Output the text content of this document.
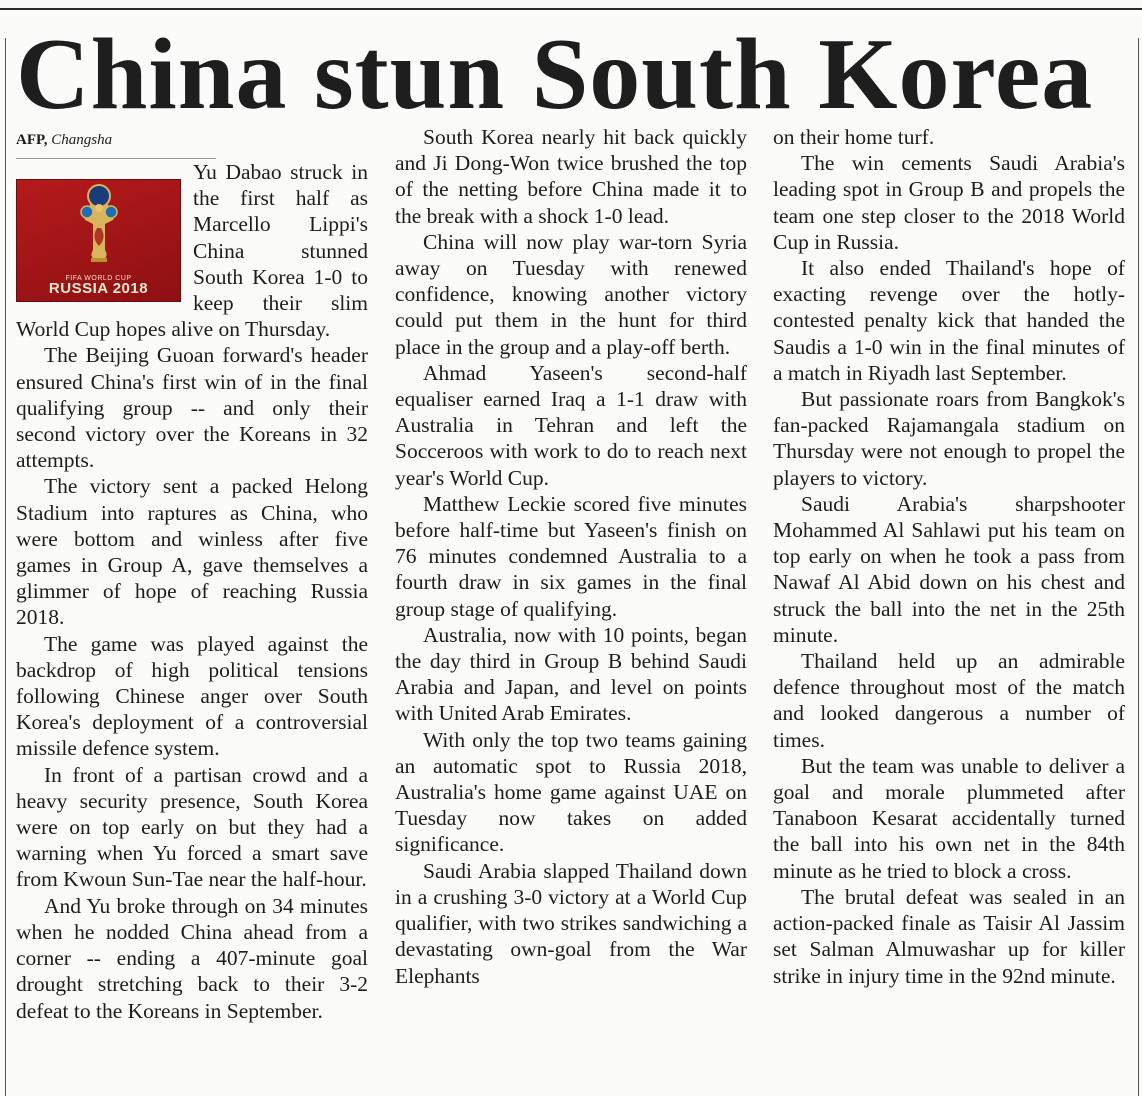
China stun South Korea
AFP, Changsha
FIFA WORLD CUP
RUSSIA 2018

Yu Dabao struck in the first half as Marcello Lippi's China stunned South Korea 1-0 to keep their slim World Cup hopes alive on Thursday.

The Beijing Guoan forward's header ensured China's first win of in the final qualifying group -- and only their second victory over the Koreans in 32 attempts.

The victory sent a packed Helong Stadium into raptures as China, who were bottom and winless after five games in Group A, gave themselves a glimmer of hope of reaching Russia 2018.

The game was played against the backdrop of high political tensions following Chinese anger over South Korea's deployment of a controversial missile defence system.

In front of a partisan crowd and a heavy security presence, South Korea were on top early on but they had a warning when Yu forced a smart save from Kwoun Sun-Tae near the half-hour.

And Yu broke through on 34 minutes when he nodded China ahead from a corner -- ending a 407-minute goal drought stretching back to their 3-2 defeat to the Koreans in September.

South Korea nearly hit back quickly and Ji Dong-Won twice brushed the top of the netting before China made it to the break with a shock 1-0 lead.

China will now play war-torn Syria away on Tuesday with renewed confidence, knowing another victory could put them in the hunt for third place in the group and a play-off berth.

Ahmad Yaseen's second-half equaliser earned Iraq a 1-1 draw with Australia in Tehran and left the Socceroos with work to do to reach next year's World Cup.

Matthew Leckie scored five minutes before half-time but Yaseen's finish on 76 minutes condemned Australia to a fourth draw in six games in the final group stage of qualifying.

Australia, now with 10 points, began the day third in Group B behind Saudi Arabia and Japan, and level on points with United Arab Emirates.

With only the top two teams gaining an automatic spot to Russia 2018, Australia's home game against UAE on Tuesday now takes on added significance.

Saudi Arabia slapped Thailand down in a crushing 3-0 victory at a World Cup qualifier, with two strikes sandwiching a devastating own-goal from the War Elephants

on their home turf.

The win cements Saudi Arabia's leading spot in Group B and propels the team one step closer to the 2018 World Cup in Russia.

It also ended Thailand's hope of exacting revenge over the hotly-contested penalty kick that handed the Saudis a 1-0 win in the final minutes of a match in Riyadh last September.

But passionate roars from Bangkok's fan-packed Rajamangala stadium on Thursday were not enough to propel the players to victory.

Saudi Arabia's sharpshooter Mohammed Al Sahlawi put his team on top early on when he took a pass from Nawaf Al Abid down on his chest and struck the ball into the net in the 25th minute.

Thailand held up an admirable defence throughout most of the match and looked dangerous a number of times.

But the team was unable to deliver a goal and morale plummeted after Tanaboon Kesarat accidentally turned the ball into his own net in the 84th minute as he tried to block a cross.

The brutal defeat was sealed in an action-packed finale as Taisir Al Jassim set Salman Almuwashar up for killer strike in injury time in the 92nd minute.
